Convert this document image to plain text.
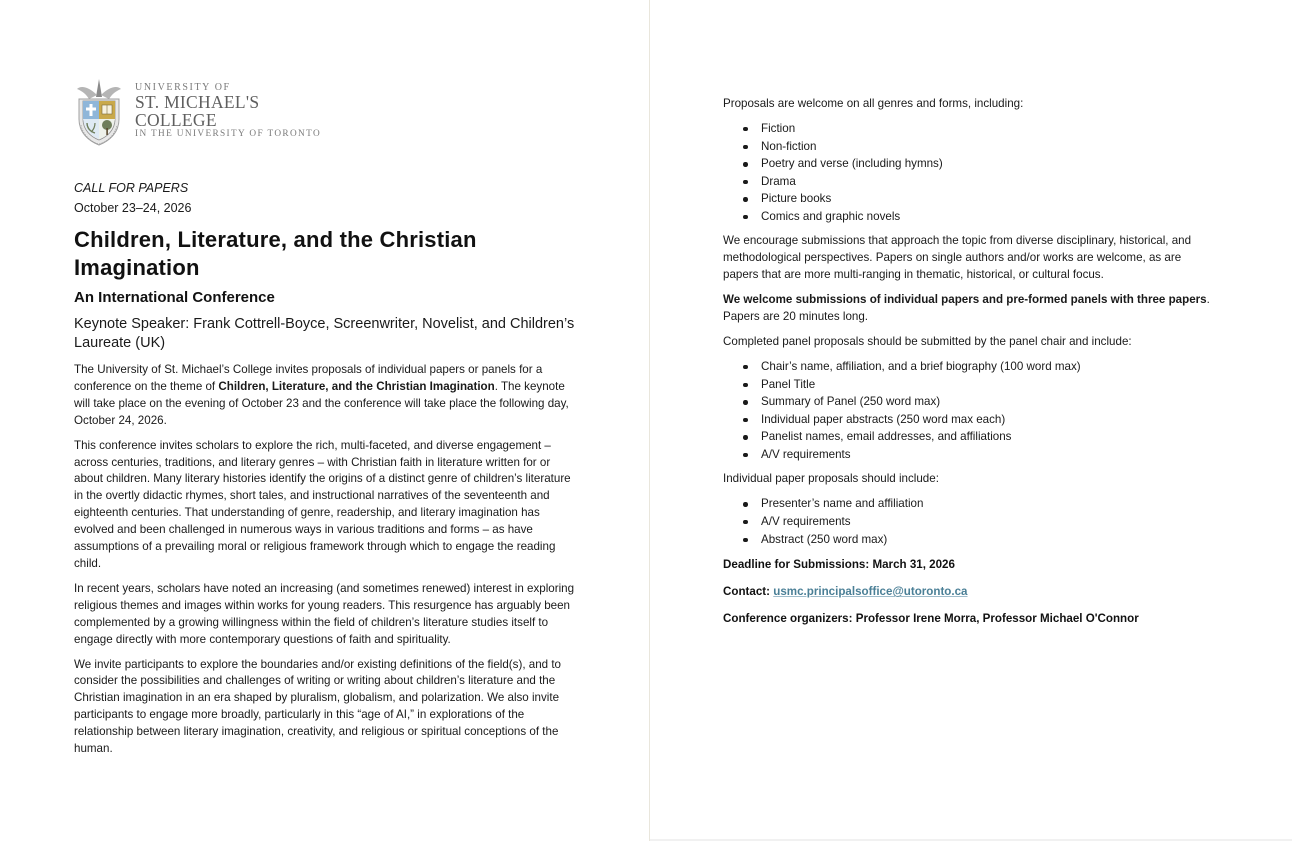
UNIVERSITY OF
ST. MICHAEL'S COLLEGE
IN THE UNIVERSITY OF TORONTO
CALL FOR PAPERS
October 23–24, 2026
Children, Literature, and the Christian Imagination
An International Conference

Keynote Speaker: Frank Cottrell-Boyce, Screenwriter, Novelist, and Children’s Laureate (UK)

The University of St. Michael’s College invites proposals of individual papers or panels for a conference on the theme of Children, Literature, and the Christian Imagination. The keynote will take place on the evening of October 23 and the conference will take place the following day, October 24, 2026.

This conference invites scholars to explore the rich, multi-faceted, and diverse engagement – across centuries, traditions, and literary genres – with Christian faith in literature written for or about children. Many literary histories identify the origins of a distinct genre of children’s literature in the overtly didactic rhymes, short tales, and instructional narratives of the seventeenth and eighteenth centuries. That understanding of genre, readership, and literary imagination has evolved and been challenged in numerous ways in various traditions and forms – as have assumptions of a prevailing moral or religious framework through which to engage the reading child.

In recent years, scholars have noted an increasing (and sometimes renewed) interest in exploring religious themes and images within works for young readers. This resurgence has arguably been complemented by a growing willingness within the field of children’s literature studies itself to engage directly with more contemporary questions of faith and spirituality.

We invite participants to explore the boundaries and/or existing definitions of the field(s), and to consider the possibilities and challenges of writing or writing about children’s literature and the Christian imagination in an era shaped by pluralism, globalism, and polarization. We also invite participants to engage more broadly, particularly in this “age of AI,” in explorations of the relationship between literary imagination, creativity, and religious or spiritual conceptions of the human.

Proposals are welcome on all genres and forms, including:

Fiction
Non-fiction
Poetry and verse (including hymns)
Drama
Picture books
Comics and graphic novels

We encourage submissions that approach the topic from diverse disciplinary, historical, and methodological perspectives. Papers on single authors and/or works are welcome, as are papers that are more multi-ranging in thematic, historical, or cultural focus.

We welcome submissions of individual papers and pre-formed panels with three papers. Papers are 20 minutes long.

Completed panel proposals should be submitted by the panel chair and include:

Chair’s name, affiliation, and a brief biography (100 word max)
Panel Title
Summary of Panel (250 word max)
Individual paper abstracts (250 word max each)
Panelist names, email addresses, and affiliations
A/V requirements

Individual paper proposals should include:

Presenter’s name and affiliation
A/V requirements
Abstract (250 word max)

Deadline for Submissions: March 31, 2026

Contact: usmc.principalsoffice@utoronto.ca

Conference organizers: Professor Irene Morra, Professor Michael O'Connor
